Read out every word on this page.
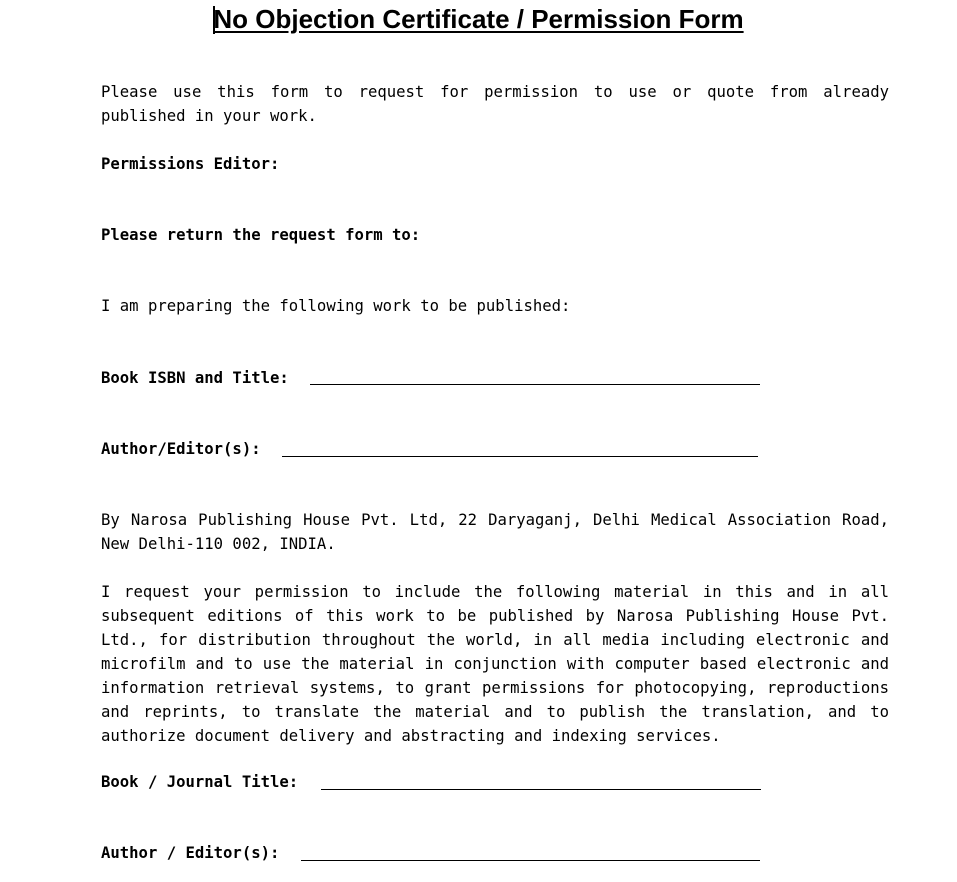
No Objection Certificate / Permission Form

Please use this form to request for permission to use or quote from already published in your work.

Permissions Editor:

Please return the request form to:

I am preparing the following work to be published:

Book ISBN and Title:
Author/Editor(s):

By Narosa Publishing House Pvt. Ltd, 22 Daryaganj, Delhi Medical Association Road, New Delhi-110 002, INDIA.

I request your permission to include the following material in this and in all subsequent editions of this work to be published by Narosa Publishing House Pvt. Ltd., for distribution throughout the world, in all media including electronic and microfilm and to use the material in conjunction with computer based electronic and information retrieval systems, to grant permissions for photocopying, reproductions and reprints, to translate the material and to publish the translation, and to authorize document delivery and abstracting and indexing services.

Book / Journal Title:
Author / Editor(s):
